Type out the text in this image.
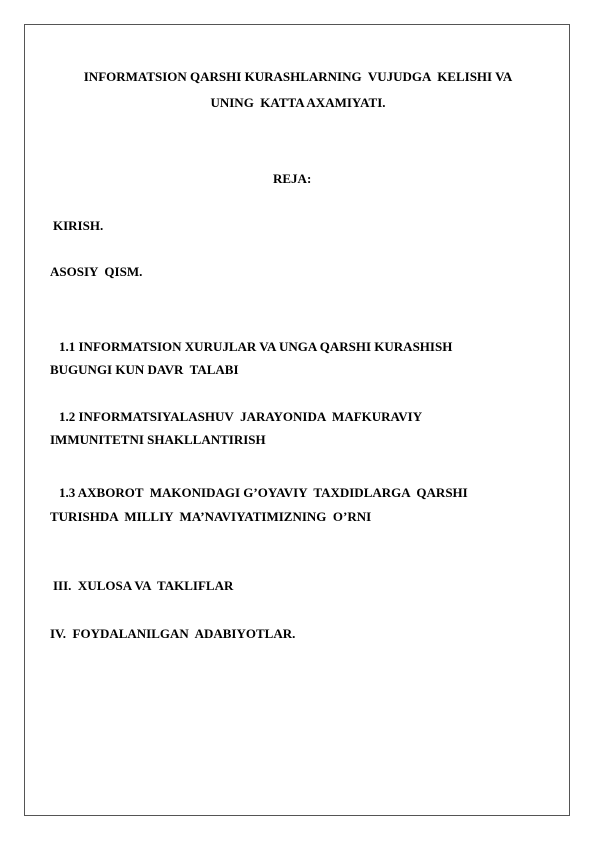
INFORMATSION QARSHI KURASHLARNING  VUJUDGA  KELISHI VA
UNING  KATTA AXAMIYATI.
REJA:
KIRISH.
ASOSIY  QISM.
1.1 INFORMATSION XURUJLAR VA UNGA QARSHI KURASHISH
BUGUNGI KUN DAVR  TALABI
1.2 INFORMATSIYALASHUV  JARAYONIDA  MAFKURAVIY
IMMUNITETNI SHAKLLANTIRISH
1.3 AXBOROT  MAKONIDAGI G’OYAVIY  TAXDIDLARGA  QARSHI
TURISHDA  MILLIY  MA’NAVIYATIMIZNING  O’RNI
III.  XULOSA VA  TAKLIFLAR
IV.  FOYDALANILGAN  ADABIYOTLAR.
